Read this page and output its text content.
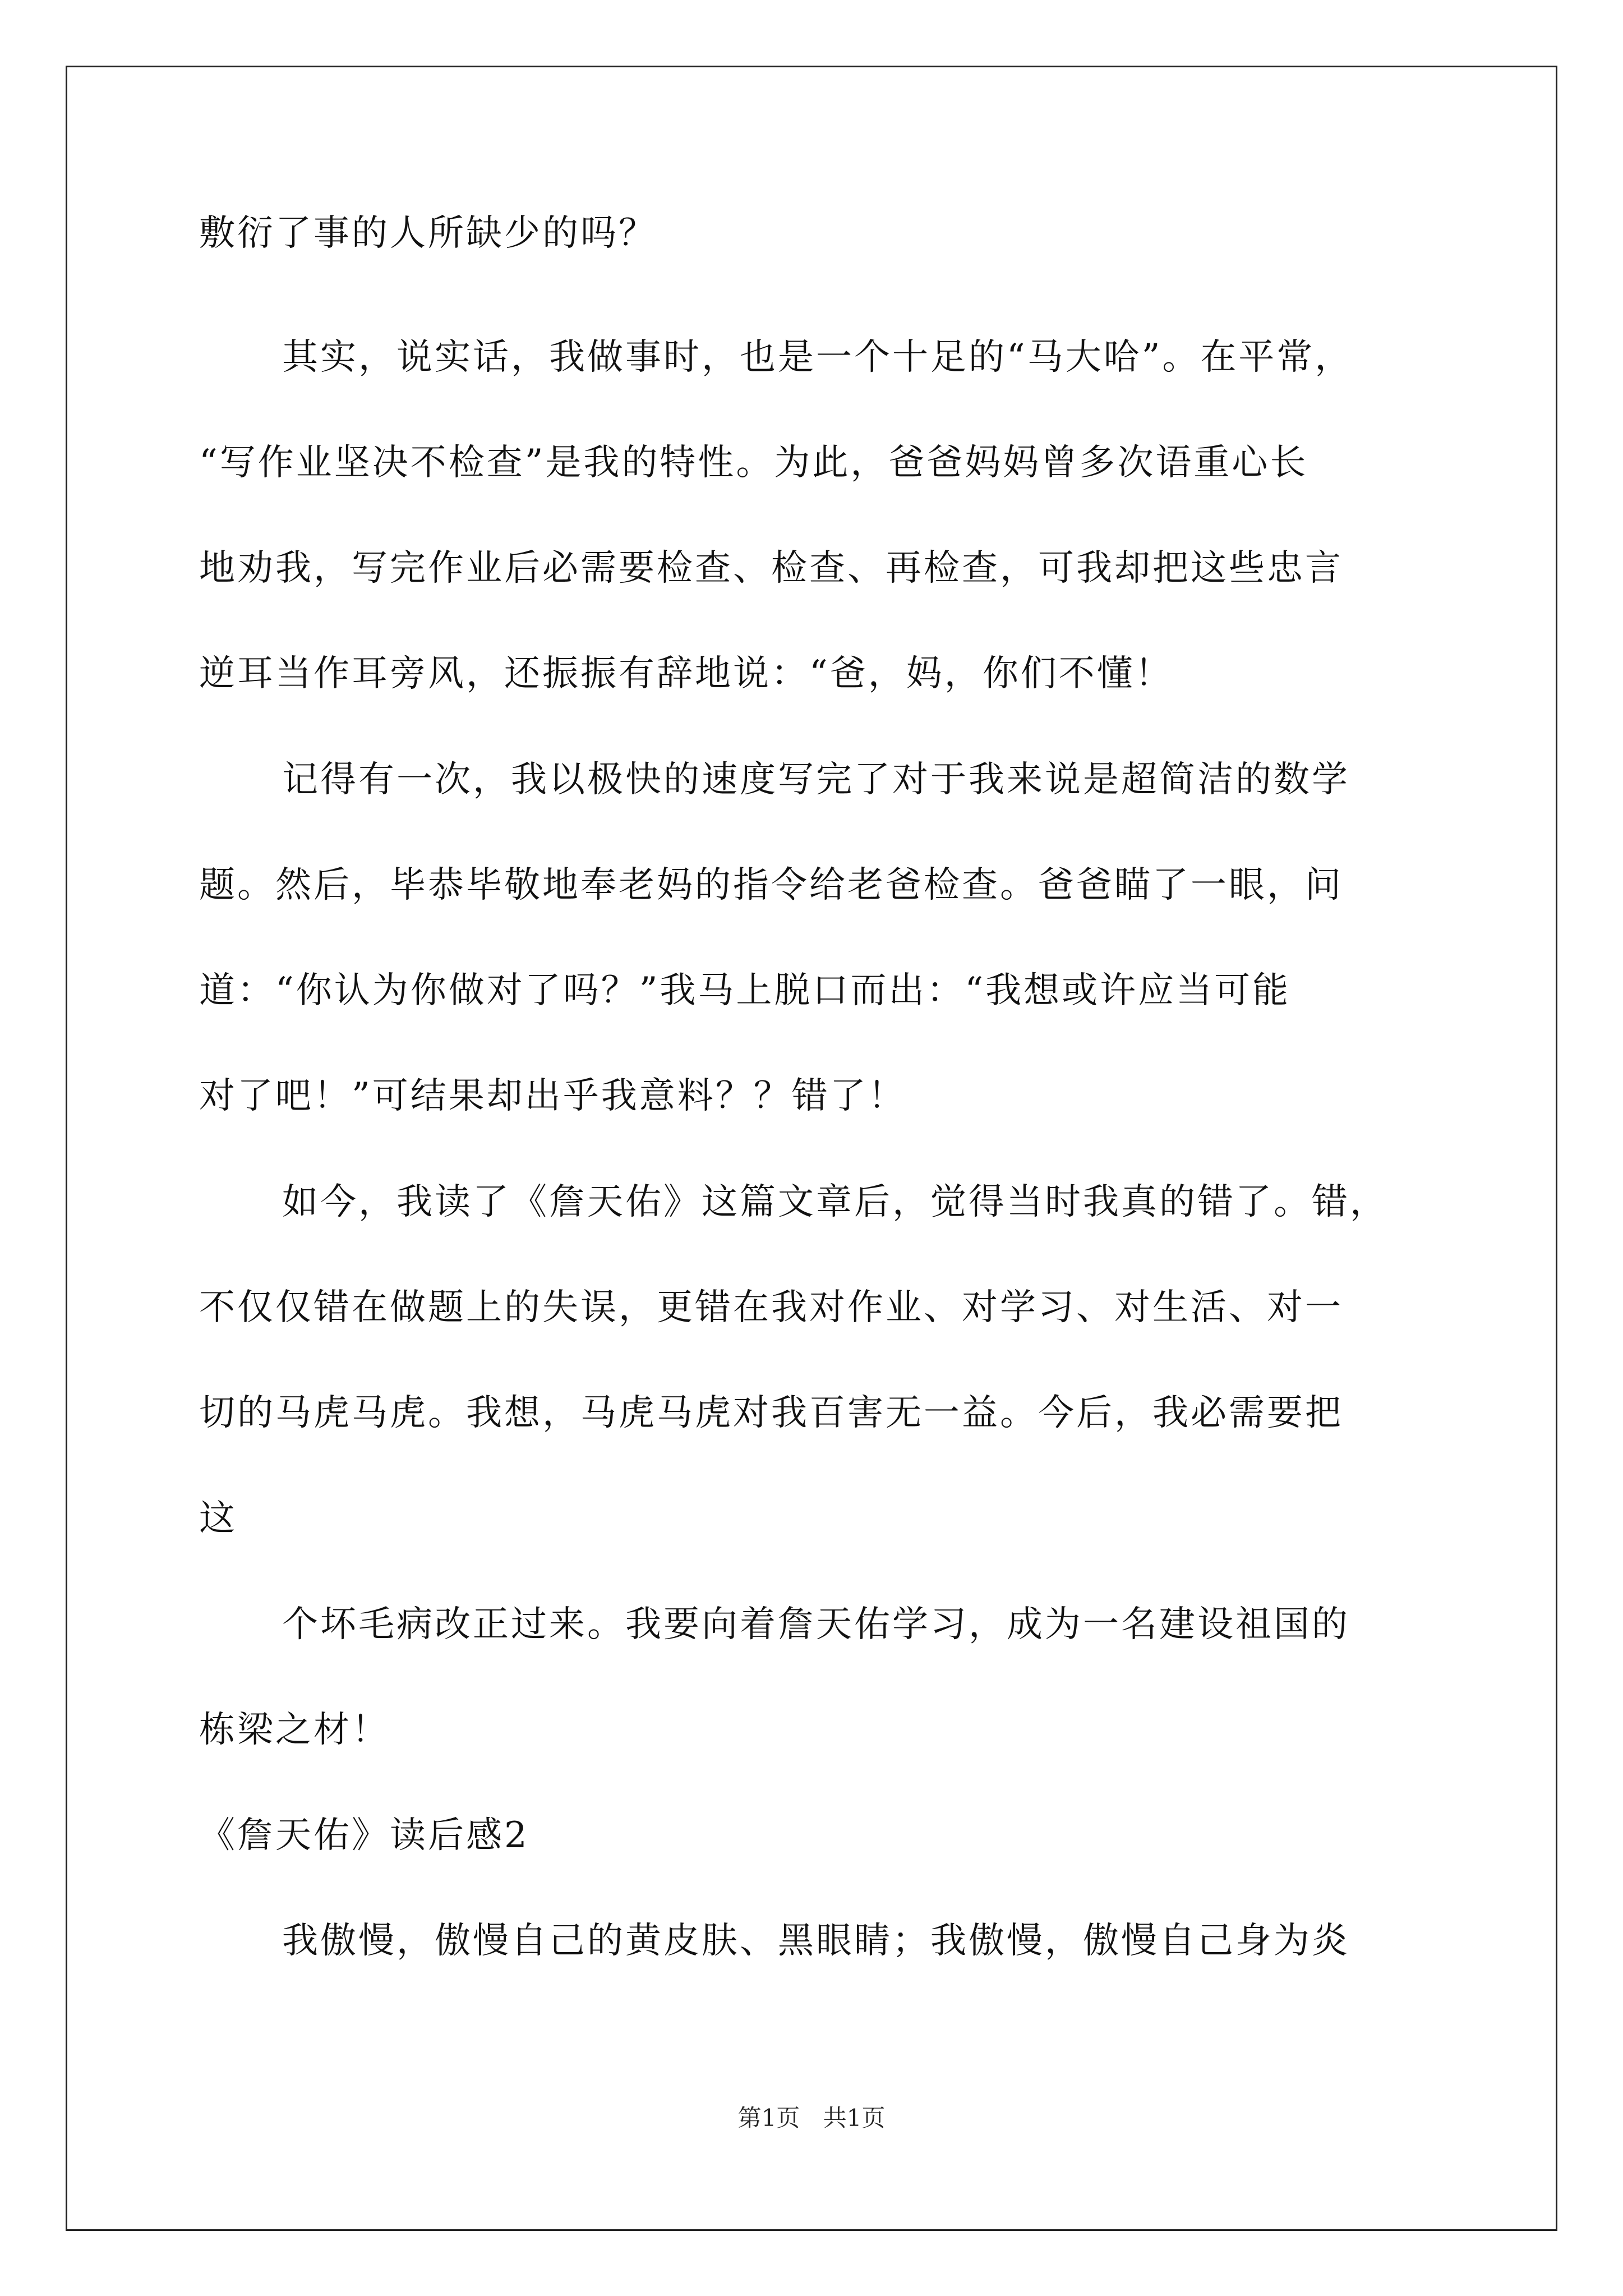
敷衍了事的人所缺少的吗？
其实，说实话，我做事时，也是一个十足的“马大哈”。在平常，
“写作业坚决不检查”是我的特性。为此，爸爸妈妈曾多次语重心长
地劝我，写完作业后必需要检查、检查、再检查，可我却把这些忠言
逆耳当作耳旁风，还振振有辞地说：“爸，妈，你们不懂！
记得有一次，我以极快的速度写完了对于我来说是超简洁的数学
题。然后，毕恭毕敬地奉老妈的指令给老爸检查。爸爸瞄了一眼，问
道：“你认为你做对了吗？”我马上脱口而出：“我想或许应当可能
对了吧！”可结果却出乎我意料？？错了！
如今，我读了《詹天佑》这篇文章后，觉得当时我真的错了。错，
不仅仅错在做题上的失误，更错在我对作业、对学习、对生活、对一
切的马虎马虎。我想，马虎马虎对我百害无一益。今后，我必需要把
这
个坏毛病改正过来。我要向着詹天佑学习，成为一名建设祖国的
栋梁之材！
《詹天佑》读后感2
我傲慢，傲慢自己的黄皮肤、黑眼睛；我傲慢，傲慢自己身为炎
第1页 共1页
